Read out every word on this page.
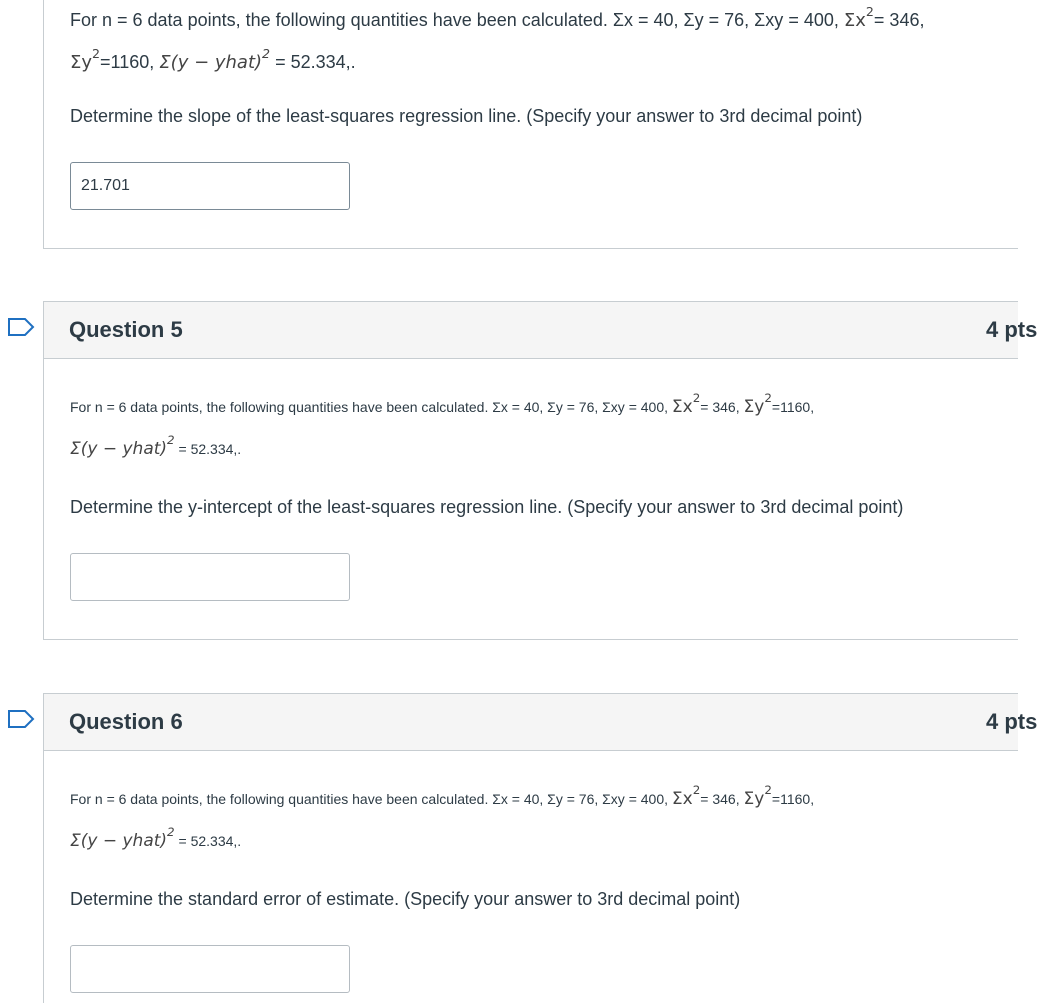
For n = 6 data points, the following quantities have been calculated. Σx = 40, Σy = 76, Σxy = 400, $\Sigma x^2= 346$,
$\Sigma y^2=1160$, Σ(y − yhat)$^2$ = 52.334,.
Determine the slope of the least-squares regression line. (Specify your answer to 3rd decimal point)
21.701
Question 5	4 pts
For n = 6 data points, the following quantities have been calculated. Σx = 40, Σy = 76, Σxy = 400, $\Sigma x^2= 346$, $\Sigma y^2=1160$,
Σ(y − yhat)$^2$ = 52.334,.
Determine the y-intercept of the least-squares regression line. (Specify your answer to 3rd decimal point)
Question 6	4 pts
For n = 6 data points, the following quantities have been calculated. Σx = 40, Σy = 76, Σxy = 400, $\Sigma x^2= 346$, $\Sigma y^2=1160$,
Σ(y − yhat)$^2$ = 52.334,.
Determine the standard error of estimate. (Specify your answer to 3rd decimal point)
